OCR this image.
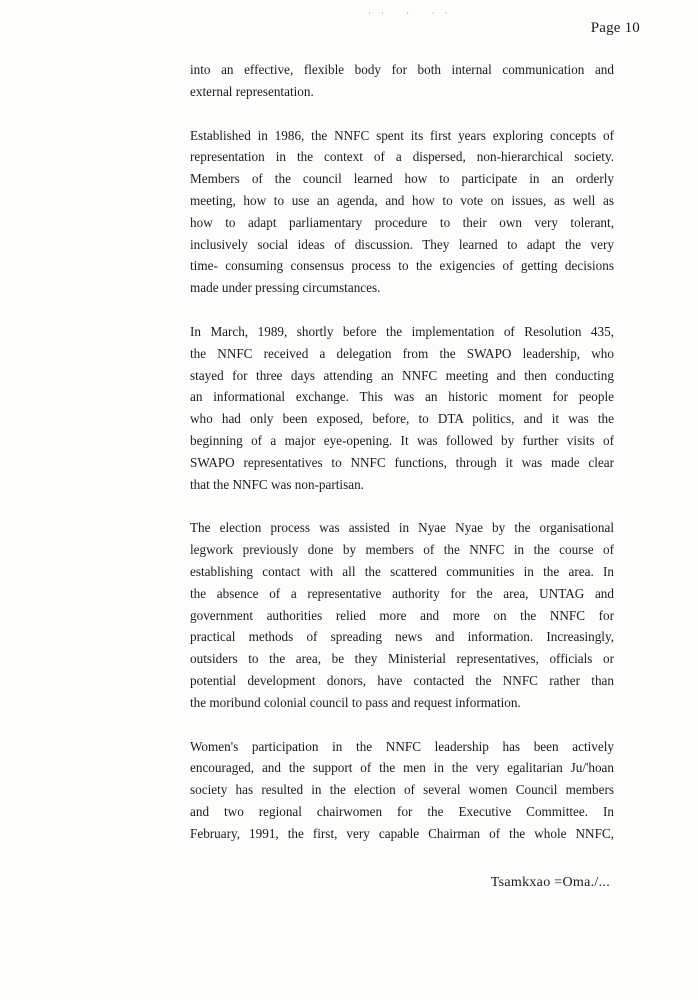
·· · ··
Page 10

into an effective, flexible body for both internal communication and
external representation.

Established in 1986, the NNFC spent its first years exploring concepts of
representation in the context of a dispersed, non-hierarchical society.
Members of the council learned how to participate in an orderly
meeting, how to use an agenda, and how to vote on issues, as well as
how to adapt parliamentary procedure to their own very tolerant,
inclusively social ideas of discussion. They learned to adapt the very
time- consuming consensus process to the exigencies of getting decisions
made under pressing circumstances.

In March, 1989, shortly before the implementation of Resolution 435,
the NNFC received a delegation from the SWAPO leadership, who
stayed for three days attending an NNFC meeting and then conducting
an informational exchange. This was an historic moment for people
who had only been exposed, before, to DTA politics, and it was the
beginning of a major eye-opening. It was followed by further visits of
SWAPO representatives to NNFC functions, through it was made clear
that the NNFC was non-partisan.

The election process was assisted in Nyae Nyae by the organisational
legwork previously done by members of the NNFC in the course of
establishing contact with all the scattered communities in the area. In
the absence of a representative authority for the area, UNTAG and
government authorities relied more and more on the NNFC for
practical methods of spreading news and information. Increasingly,
outsiders to the area, be they Ministerial representatives, officials or
potential development donors, have contacted the NNFC rather than
the moribund colonial council to pass and request information.

Women's participation in the NNFC leadership has been actively
encouraged, and the support of the men in the very egalitarian Ju/'hoan
society has resulted in the election of several women Council members
and two regional chairwomen for the Executive Committee. In
February, 1991, the first, very capable Chairman of the whole NNFC,

Tsamkxao =Oma./...
